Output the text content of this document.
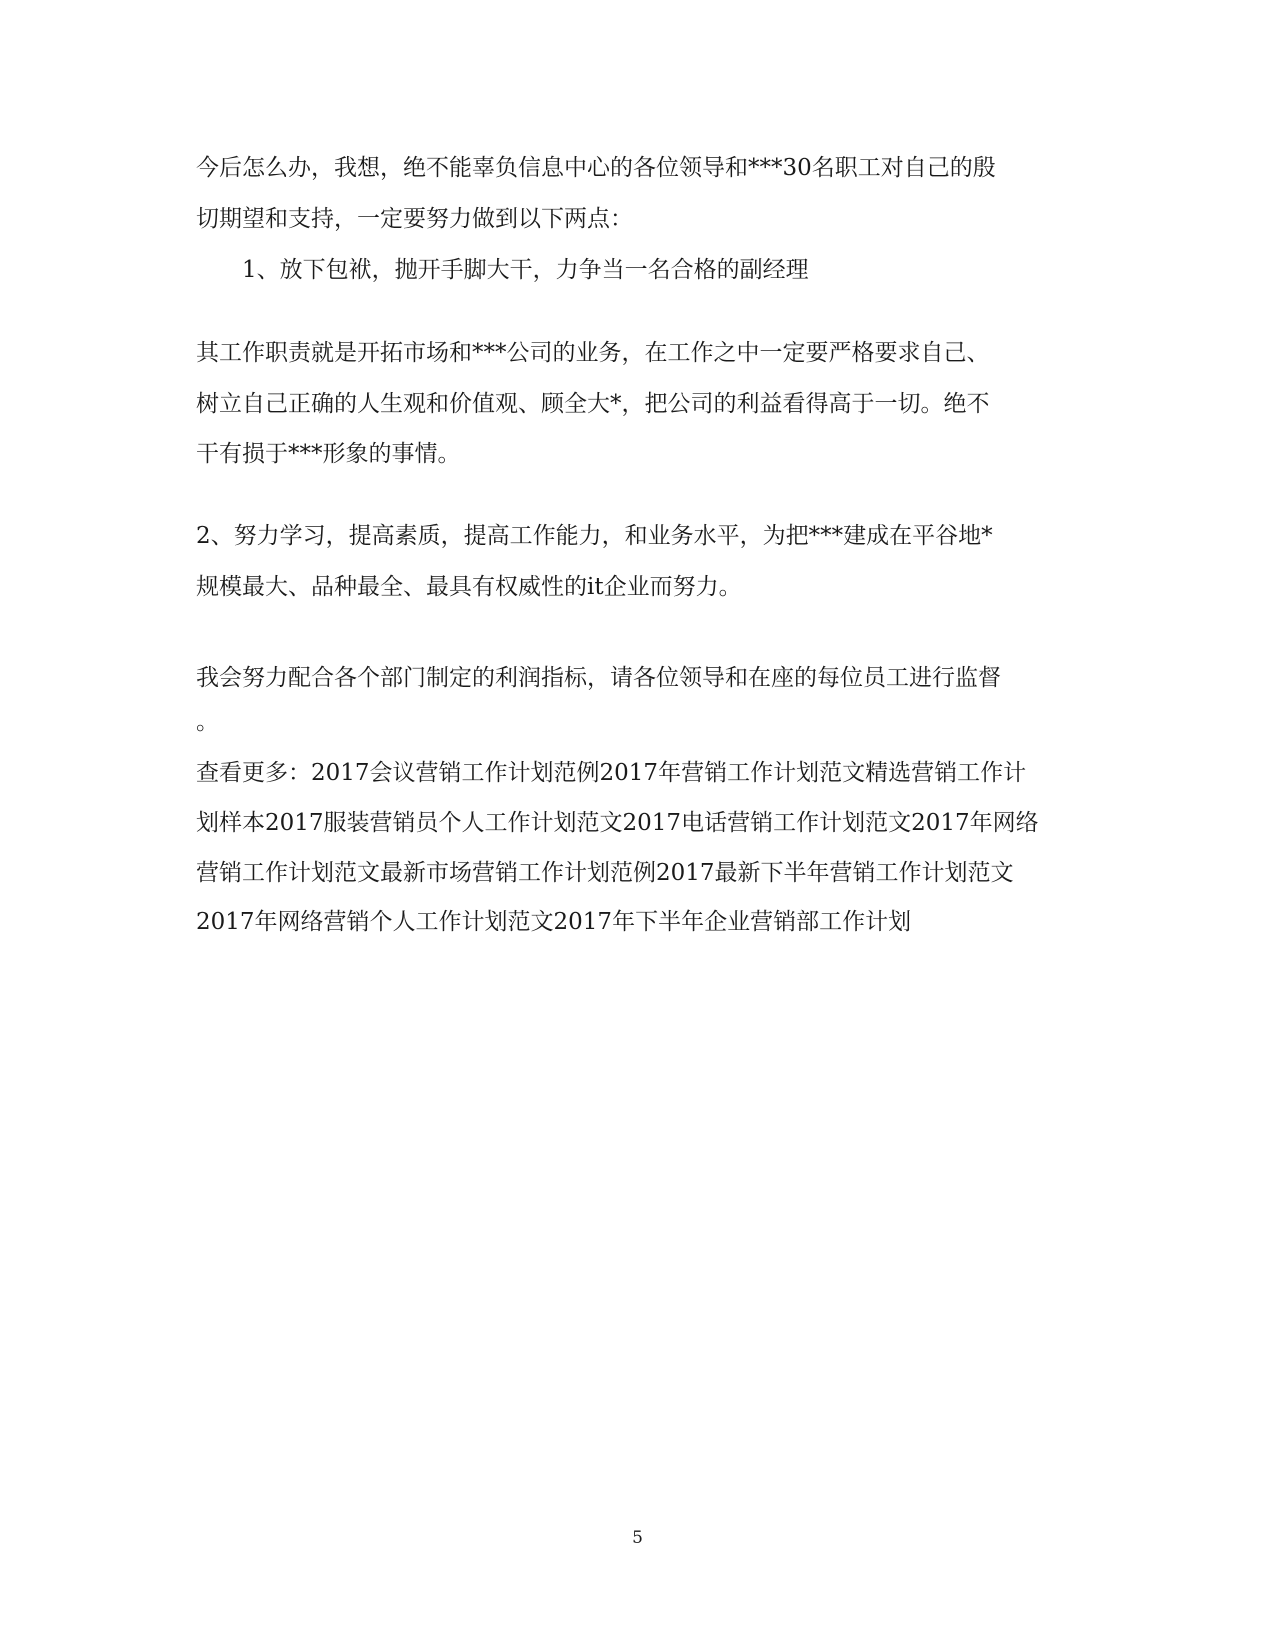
今后怎么办，我想，绝不能辜负信息中心的各位领导和***30名职工对自己的殷
切期望和支持，一定要努力做到以下两点：
1、放下包袱，抛开手脚大干，力争当一名合格的副经理
其工作职责就是开拓市场和***公司的业务，在工作之中一定要严格要求自己、
树立自己正确的人生观和价值观、顾全大*，把公司的利益看得高于一切。绝不
干有损于***形象的事情。
2、努力学习，提高素质，提高工作能力，和业务水平，为把***建成在平谷地*
规模最大、品种最全、最具有权威性的it企业而努力。
我会努力配合各个部门制定的利润指标，请各位领导和在座的每位员工进行监督
。
查看更多：2017会议营销工作计划范例2017年营销工作计划范文精选营销工作计
划样本2017服装营销员个人工作计划范文2017电话营销工作计划范文2017年网络
营销工作计划范文最新市场营销工作计划范例2017最新下半年营销工作计划范文
2017年网络营销个人工作计划范文2017年下半年企业营销部工作计划
5
